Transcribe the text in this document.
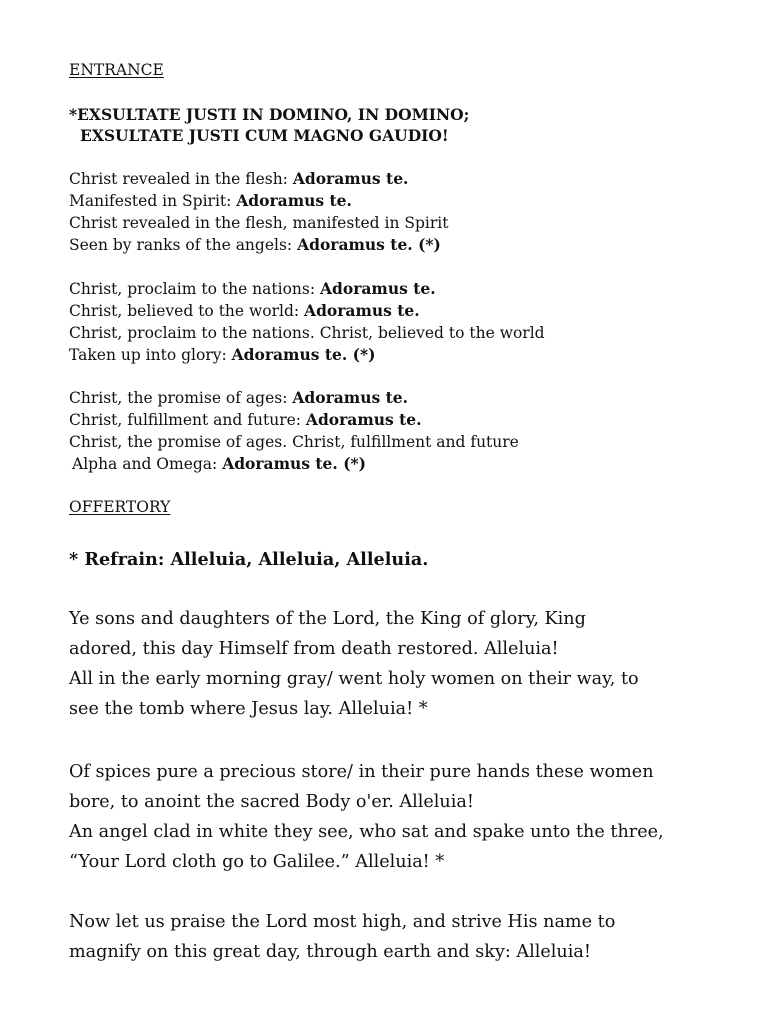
ENTRANCE

*EXSULTATE JUSTI IN DOMINO, IN DOMINO;

EXSULTATE JUSTI CUM MAGNO GAUDIO!

Christ revealed in the flesh: Adoramus te.

Manifested in Spirit: Adoramus te.

Christ revealed in the flesh, manifested in Spirit

Seen by ranks of the angels: Adoramus te. (*)

Christ, proclaim to the nations: Adoramus te.

Christ, believed to the world: Adoramus te.

Christ, proclaim to the nations. Christ, believed to the world

Taken up into glory: Adoramus te. (*)

Christ, the promise of ages: Adoramus te.

Christ, fulfillment and future: Adoramus te.

Christ, the promise of ages. Christ, fulfillment and future

Alpha and Omega: Adoramus te. (*)

OFFERTORY

* Refrain: Alleluia, Alleluia, Alleluia.

Ye sons and daughters of the Lord, the King of glory, King

adored, this day Himself from death restored. Alleluia!

All in the early morning gray/ went holy women on their way, to

see the tomb where Jesus lay. Alleluia! *

Of spices pure a precious store/ in their pure hands these women

bore, to anoint the sacred Body o'er. Alleluia!

An angel clad in white they see, who sat and spake unto the three,

“Your Lord cloth go to Galilee.” Alleluia! *

Now let us praise the Lord most high, and strive His name to

magnify on this great day, through earth and sky: Alleluia!
